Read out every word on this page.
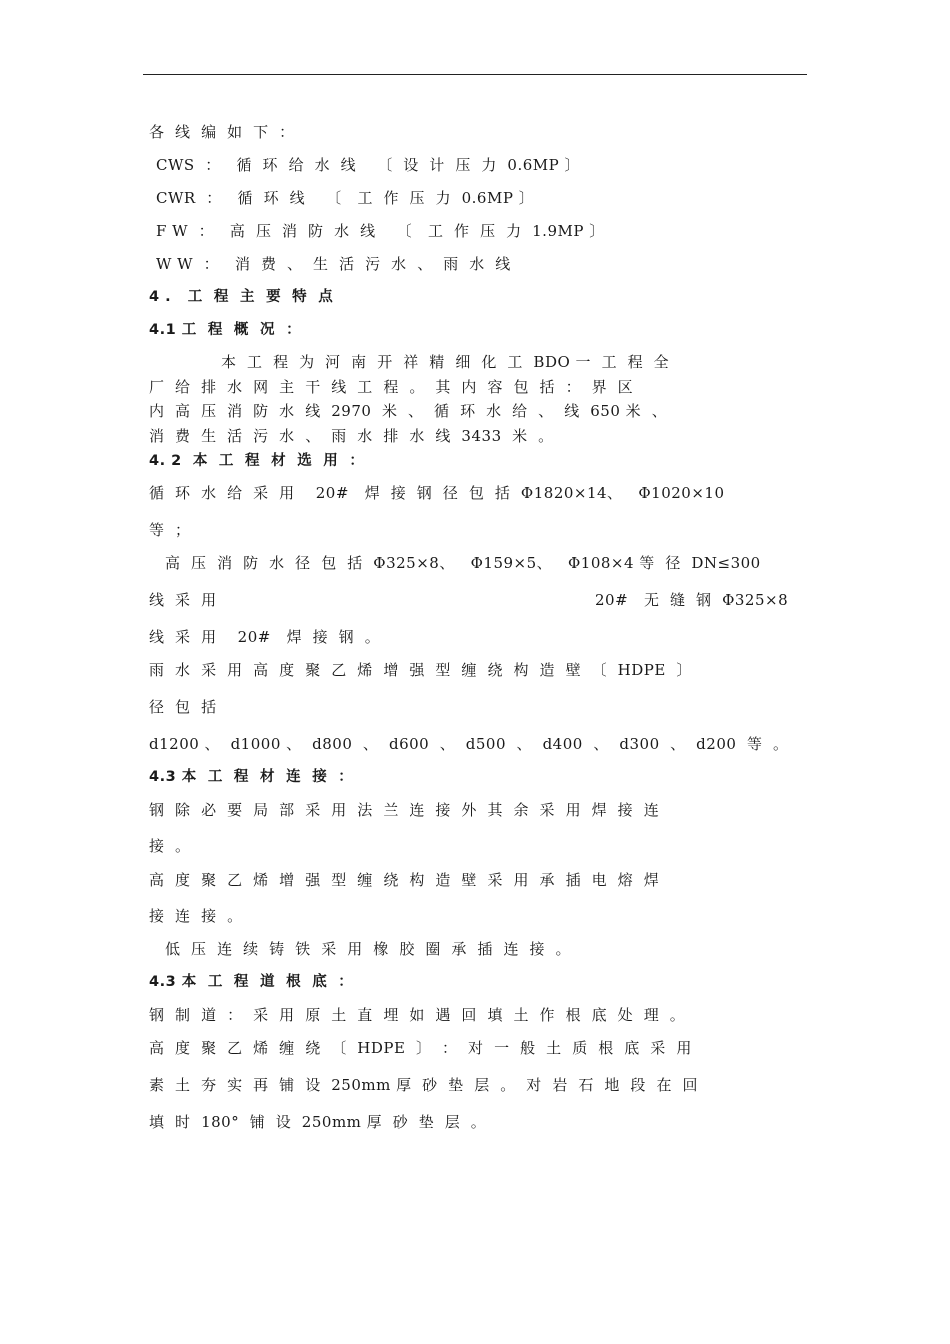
各  线  编  如  下  ：
CWS  ：   循  环  给  水  线    〔  设  计  压  力  0.6MP 〕
CWR  ：   循  环  线    〔   工  作  压  力  0.6MP 〕
F W  ：   高  压  消  防  水  线    〔   工  作  压  力  1.9MP 〕
W W  ：   消  费  、  生  活  污  水  、  雨  水  线
4 .   工  程  主  要  特  点
4.1 工  程  概  况  ：
本  工  程  为  河  南  开  祥  精  细  化  工  BDO 一  工  程  全
厂  给  排  水  网  主  干  线  工  程  。  其  内  容  包  括  ：  界  区
内  高  压  消  防  水  线  2970  米  、  循  环  水  给  、  线  650 米  、
消  费  生  活  污  水  、  雨  水  排  水  线  3433  米  。
4. 2  本  工  程  材  选  用  ：
循  环  水  给  采  用    20#   焊  接  钢  径  包  括  Φ1820×14、   Φ1020×10
等  ；
高  压  消  防  水  径  包  括  Φ325×8、   Φ159×5、   Φ108×4 等  径  DN≤300
线  采  用	20#   无  缝  钢  Φ325×8
线  采  用    20#   焊  接  钢  。
雨  水  采  用  高  度  聚  乙  烯  增  强  型  缠  绕  构  造  壁  〔  HDPE  〕
径  包  括
d1200 、  d1000 、  d800  、  d600  、  d500  、  d400  、  d300  、  d200  等  。
4.3 本  工  程  材  连  接  ：
钢  除  必  要  局  部  采  用  法  兰  连  接  外  其  余  采  用  焊  接  连
接  。
高  度  聚  乙  烯  增  强  型  缠  绕  构  造  壁  采  用  承  插  电  熔  焊
接  连  接  。
低  压  连  续  铸  铁  采  用  橡  胶  圈  承  插  连  接  。
4.3 本  工  程  道  根  底  ：
钢  制  道  ：  采  用  原  土  直  埋  如  遇  回  填  土  作  根  底  处  理  。
高  度  聚  乙  烯  缠  绕  〔  HDPE  〕  ：  对  一  般  土  质  根  底  采  用
素  土  夯  实  再  铺  设  250mm 厚  砂  垫  层  。  对  岩  石  地  段  在  回
填  时  180°  铺  设  250mm 厚  砂  垫  层  。
